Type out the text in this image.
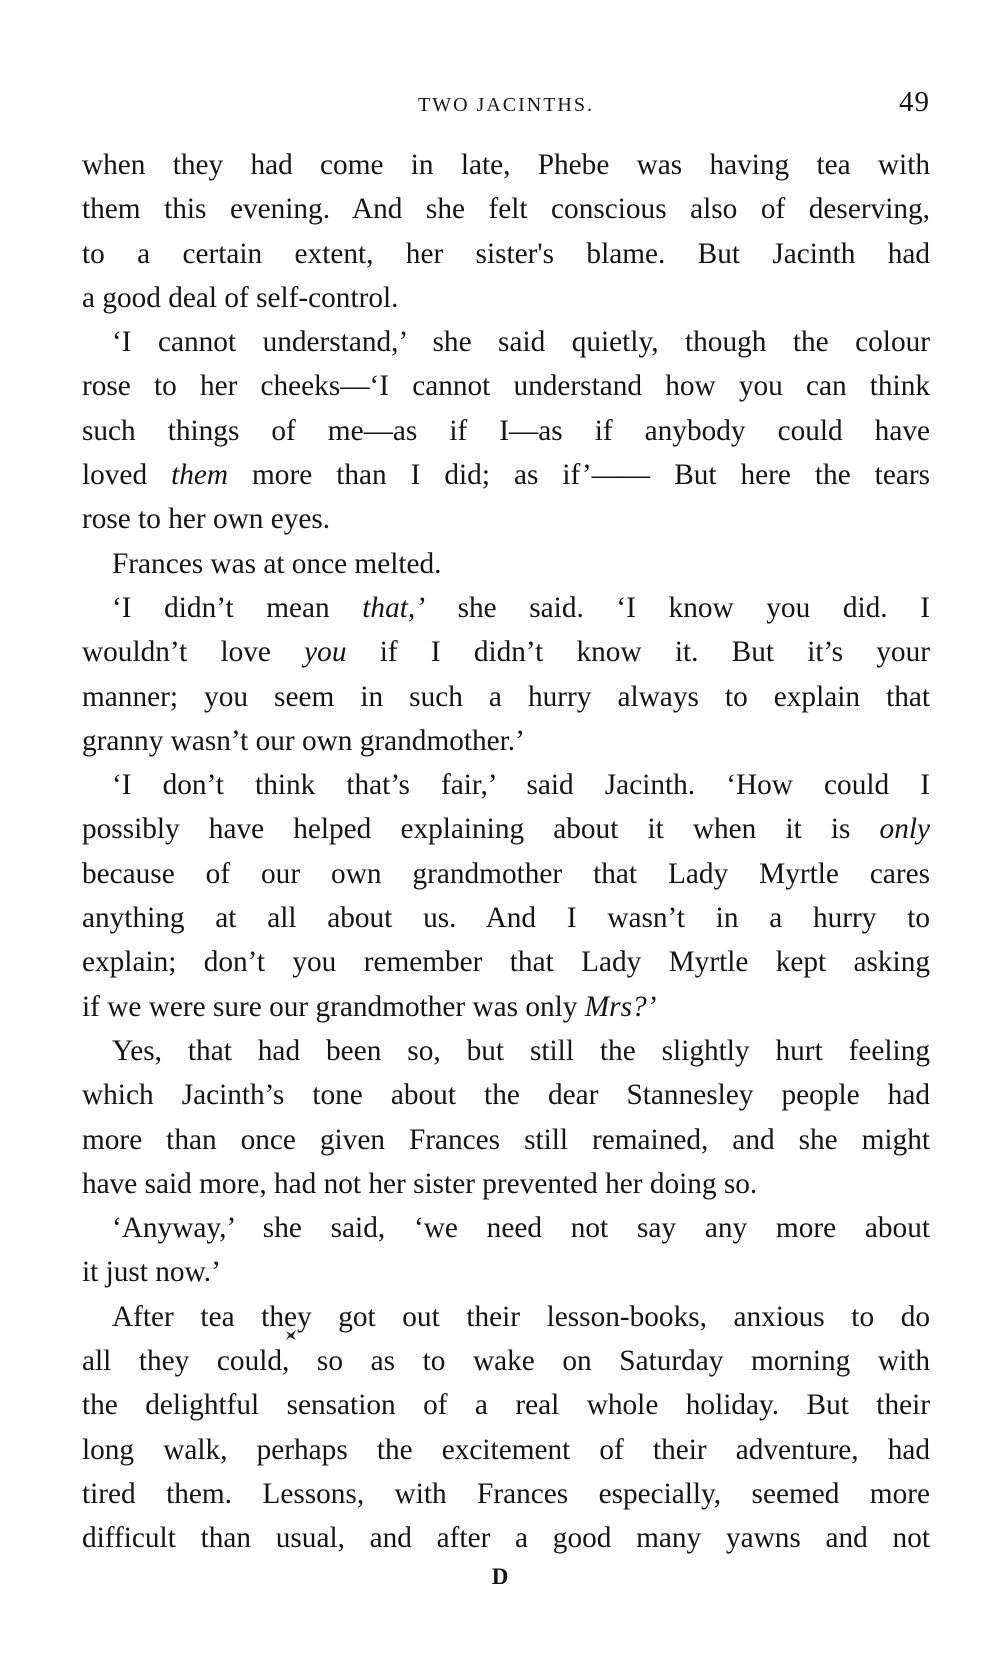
TWO JACINTHS.	49
when they had come in late, Phebe was having tea with
them this evening. And she felt conscious also of deserving,
to a certain extent, her sister's blame. But Jacinth had
a good deal of self-control.
‘I cannot understand,’ she said quietly, though the colour
rose to her cheeks—‘I cannot understand how you can think
such things of me—as if I—as if anybody could have
loved them more than I did; as if’—— But here the tears
rose to her own eyes.
Frances was at once melted.
‘I didn’t mean that,’ she said. ‘I know you did. I
wouldn’t love you if I didn’t know it. But it’s your
manner; you seem in such a hurry always to explain that
granny wasn’t our own grandmother.’
‘I don’t think that’s fair,’ said Jacinth. ‘How could I
possibly have helped explaining about it when it is only
because of our own grandmother that Lady Myrtle cares
anything at all about us. And I wasn’t in a hurry to
explain; don’t you remember that Lady Myrtle kept asking
if we were sure our grandmother was only Mrs?’
Yes, that had been so, but still the slightly hurt feeling
which Jacinth’s tone about the dear Stannesley people had
more than once given Frances still remained, and she might
have said more, had not her sister prevented her doing so.
‘Anyway,’ she said, ‘we need not say any more about
it just now.’
After tea they got out their lesson-books, anxious to do
all they could, so as to wake on Saturday morning with
the delightful sensation of a real whole holiday. But their
long walk, perhaps the excitement of their adventure, had
tired them. Lessons, with Frances especially, seemed more
difficult than usual, and after a good many yawns and not
D
